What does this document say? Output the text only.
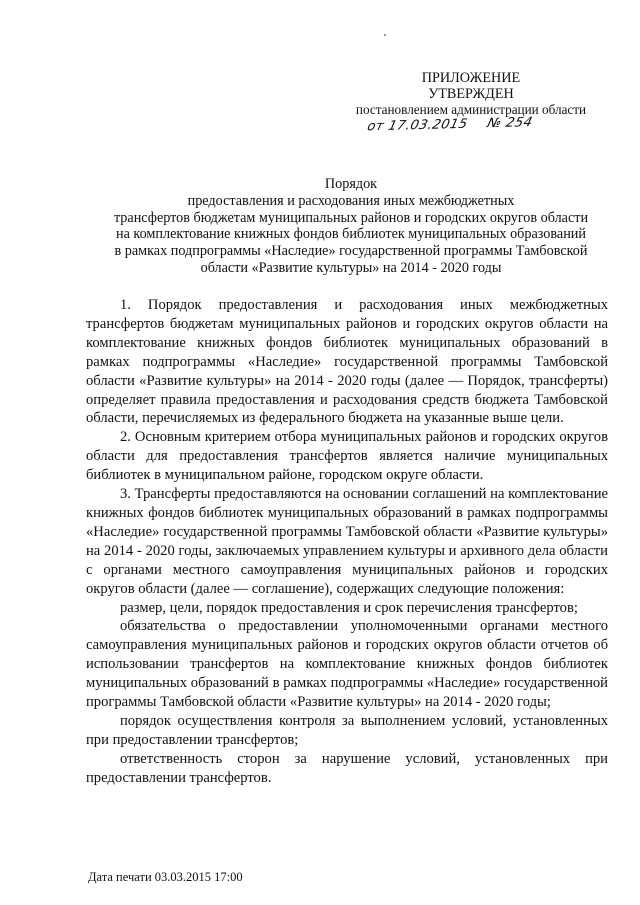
ПРИЛОЖЕНИЕ
УТВЕРЖДЕН
постановлением администрации области
от 17.03.2015 № 254
Порядок
предоставления и расходования иных межбюджетных
трансфертов бюджетам муниципальных районов и городских округов области
на комплектование книжных фондов библиотек муниципальных образований
в рамках подпрограммы «Наследие» государственной программы Тамбовской
области «Развитие культуры» на 2014 - 2020 годы

1. Порядок предоставления и расходования иных межбюджетных трансфертов бюджетам муниципальных районов и городских округов области на комплектование книжных фондов библиотек муниципальных образований в рамках подпрограммы «Наследие» государственной программы Тамбовской области «Развитие культуры» на 2014 - 2020 годы (далее — Порядок, трансферты) определяет правила предоставления и расходования средств бюджета Тамбовской области, перечисляемых из федерального бюджета на указанные выше цели.

2. Основным критерием отбора муниципальных районов и городских округов области для предоставления трансфертов является наличие муниципальных библиотек в муниципальном районе, городском округе области.

3. Трансферты предоставляются на основании соглашений на комплектование книжных фондов библиотек муниципальных образований в рамках подпрограммы «Наследие» государственной программы Тамбовской области «Развитие культуры» на 2014 - 2020 годы, заключаемых управлением культуры и архивного дела области с органами местного самоуправления муниципальных районов и городских округов области (далее — соглашение), содержащих следующие положения:

размер, цели, порядок предоставления и срок перечисления трансфертов;

обязательства о предоставлении уполномоченными органами местного самоуправления муниципальных районов и городских округов области отчетов об использовании трансфертов на комплектование книжных фондов библиотек муниципальных образований в рамках подпрограммы «Наследие» государственной программы Тамбовской области «Развитие культуры» на 2014 - 2020 годы;

порядок осуществления контроля за выполнением условий, установленных при предоставлении трансфертов;

ответственность сторон за нарушение условий, установленных при предоставлении трансфертов.

Дата печати 03.03.2015 17:00
